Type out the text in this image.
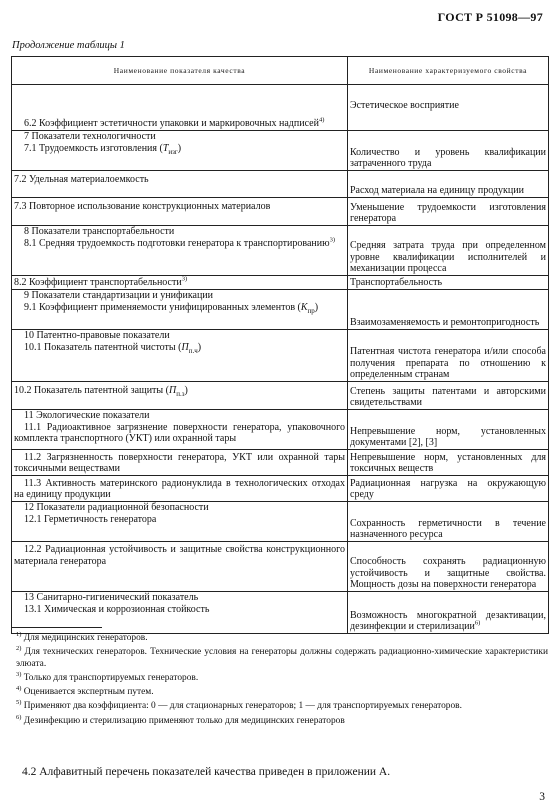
ГОСТ Р 51098—97
Продолжение таблицы 1
Наименование показателя качества	Наименование характеризуемого свойства
6.2 Коэффициент эстетичности упаковки и маркировочных надписей$^{4)}$	Эстетическое восприятие

7 Показатели технологичности
7.1 Трудоемкость изготовления $(Т_{изг})$	Количество и уровень квалификации затраченного труда
7.2 Удельная материалоемкость	Расход материала на единицу продукции
7.3 Повторное использование конструкционных материалов	Уменьшение трудоемкости изготовления генератора

8 Показатели транспортабельности
8.1 Средняя трудоемкость подготовки генератора к транспортированию$^{3)}$	Средняя затрата труда при определенном уровне квалификации исполнителей и механизации процесса
8.2 Коэффициент транспортабельности$^{3)}$	Транспортабельность

9 Показатели стандартизации и унификации
9.1 Коэффициент применяемости унифицированных элементов $(К_{пр})$	Взаимозаменяемость и ремонтопригодность

10 Патентно-правовые показатели
10.1 Показатель патентной чистоты $(П_{п.ч})$	Патентная чистота генератора и/или способа получения препарата по отношению к определенным странам
10.2 Показатель патентной защиты $(П_{п.з})$	Степень защиты патентами и авторскими свидетельствами

11 Экологические показатели
11.1 Радиоактивное загрязнение поверхности генератора, упаковочного комплекта транспортного (УКТ) или охранной тары	Непревышение норм, установленных документами [2], [3]
11.2 Загрязненность поверхности генератора, УКТ или охранной тары токсичными веществами	Непревышение норм, установленных для токсичных веществ
11.3 Активность материнского радионуклида в технологических отходах на единицу продукции	Радиационная нагрузка на окружающую среду

12 Показатели радиационной безопасности
12.1 Герметичность генератора	Сохранность герметичности в течение назначенного ресурса
12.2 Радиационная устойчивость и защитные свойства конструкционного материала генератора	Способность сохранять радиационную устойчивость и защитные свойства. Мощность дозы на поверхности генератора

13 Санитарно-гигиенический показатель
13.1 Химическая и коррозионная стойкость	Возможность многократной дезактивации, дезинфекции и стерилизации$^{6)}$
$^{1)}$ Для медицинских генераторов.
$^{2)}$ Для технических генераторов. Технические условия на генераторы должны содержать радиационно-химические характеристики элюата.
$^{3)}$ Только для транспортируемых генераторов.
$^{4)}$ Оценивается экспертным путем.
$^{5)}$ Применяют два коэффициента: 0 — для стационарных генераторов; 1 — для транспортируемых генераторов.
$^{6)}$ Дезинфекцию и стерилизацию применяют только для медицинских генераторов
4.2 Алфавитный перечень показателей качества приведен в приложении А.
3
